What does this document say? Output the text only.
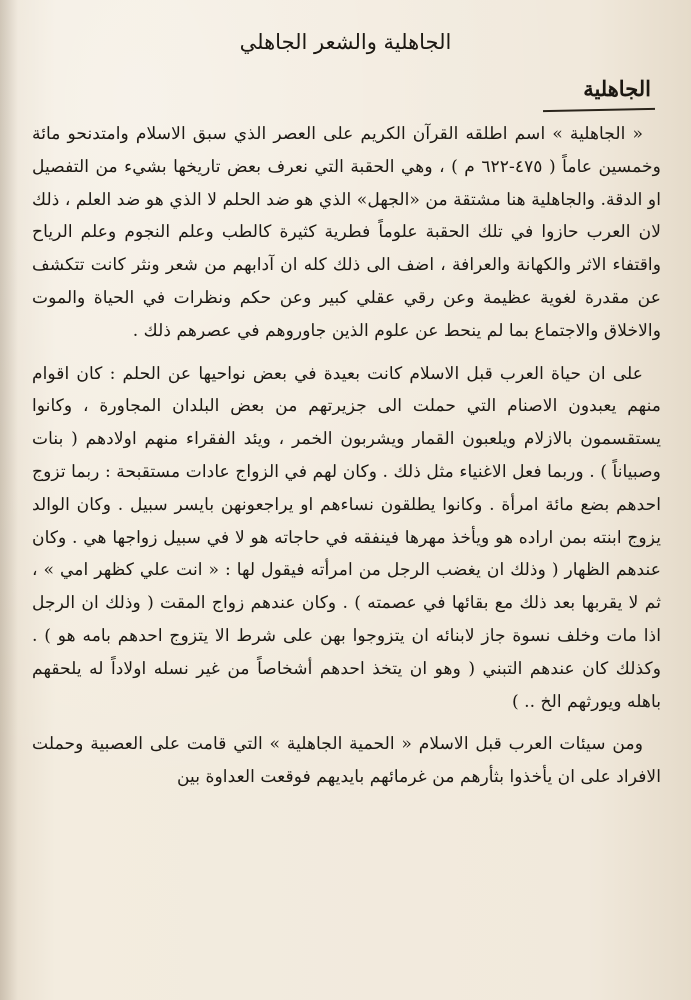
الجاهلية والشعر الجاهلي
الجاهلية

« الجاهلية » اسم اطلقه القرآن الكريم على العصر الذي سبق الاسلام وامتدنحو مائة وخمسين عاماً ( ٤٧٥-٦٢٢ م ) ، وهي الحقبة التي نعرف بعض تاريخها بشيء من التفصيل او الدقة. والجاهلية هنا مشتقة من «الجهل» الذي هو ضد الحلم لا الذي هو ضد العلم ، ذلك لان العرب حازوا في تلك الحقبة علوماً فطرية كثيرة كالطب وعلم النجوم وعلم الرياح واقتفاء الاثر والكهانة والعرافة ، اضف الى ذلك كله ان آدابهم من شعر ونثر كانت تتكشف عن مقدرة لغوية عظيمة وعن رقي عقلي كبير وعن حكم ونظرات في الحياة والموت والاخلاق والاجتماع بما لم ينحط عن علوم الذين جاوروهم في عصرهم ذلك .

على ان حياة العرب قبل الاسلام كانت بعيدة في بعض نواحيها عن الحلم : كان اقوام منهم يعبدون الاصنام التي حملت الى جزيرتهم من بعض البلدان المجاورة ، وكانوا يستقسمون بالازلام ويلعبون القمار ويشربون الخمر ، ويئد الفقراء منهم اولادهم ( بنات وصبياناً ) . وربما فعل الاغنياء مثل ذلك . وكان لهم في الزواج عادات مستقبحة : ربما تزوج احدهم بضع مائة امرأة . وكانوا يطلقون نساءهم او يراجعونهن بايسر سبيل . وكان الوالد يزوج ابنته بمن اراده هو ويأخذ مهرها فينفقه في حاجاته هو لا في سبيل زواجها هي . وكان عندهم الظهار ( وذلك ان يغضب الرجل من امرأته فيقول لها : « انت علي كظهر امي » ، ثم لا يقربها بعد ذلك مع بقائها في عصمته ) . وكان عندهم زواج المقت ( وذلك ان الرجل اذا مات وخلف نسوة جاز لابنائه ان يتزوجوا بهن على شرط الا يتزوج احدهم بامه هو ) . وكذلك كان عندهم التبني ( وهو ان يتخذ احدهم أشخاصاً من غير نسله اولاداً له يلحقهم باهله ويورثهم الخ .. )

ومن سيئات العرب قبل الاسلام « الحمية الجاهلية » التي قامت على العصبية وحملت الافراد على ان يأخذوا بثأرهم من غرمائهم بايديهم فوقعت العداوة بين
